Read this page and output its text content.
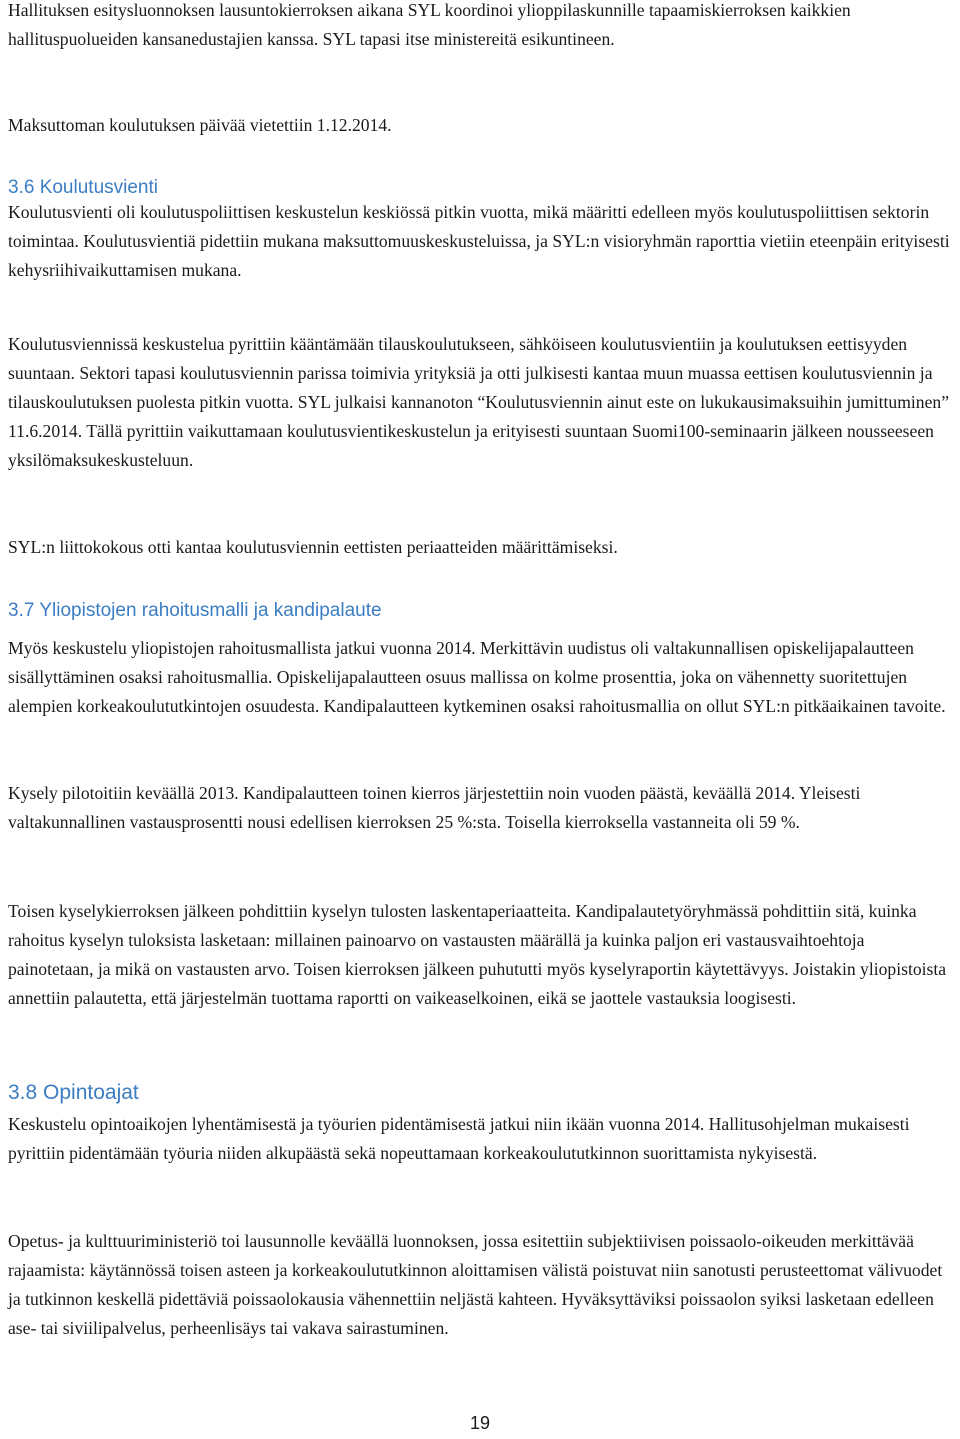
Hallituksen esitysluonnoksen lausuntokierroksen aikana SYL koordinoi ylioppilaskunnille tapaamiskierroksen kaikkien hallituspuolueiden kansanedustajien kanssa. SYL tapasi itse ministereitä esikuntineen.

Maksuttoman koulutuksen päivää vietettiin 1.12.2014.

3.6 Koulutusvienti

Koulutusvienti oli koulutuspoliittisen keskustelun keskiössä pitkin vuotta, mikä määritti edelleen myös koulutuspoliittisen sektorin toimintaa. Koulutusvientiä pidettiin mukana maksuttomuuskeskusteluissa, ja SYL:n visioryhmän raporttia vietiin eteenpäin erityisesti kehysriihivaikuttamisen mukana.

Koulutusviennissä keskustelua pyrittiin kääntämään tilauskoulutukseen, sähköiseen koulutusvientiin ja koulutuksen eettisyyden suuntaan. Sektori tapasi koulutusviennin parissa toimivia yrityksiä ja otti julkisesti kantaa muun muassa eettisen koulutusviennin ja tilauskoulutuksen puolesta pitkin vuotta. SYL julkaisi kannanoton “Koulutusviennin ainut este on lukukausimaksuihin jumittuminen” 11.6.2014. Tällä pyrittiin vaikuttamaan koulutusvientikeskustelun ja erityisesti suuntaan Suomi100-seminaarin jälkeen nousseeseen yksilömaksukeskusteluun.

SYL:n liittokokous otti kantaa koulutusviennin eettisten periaatteiden määrittämiseksi.

3.7 Yliopistojen rahoitusmalli ja kandipalaute

Myös keskustelu yliopistojen rahoitusmallista jatkui vuonna 2014. Merkittävin uudistus oli valtakunnallisen opiskelijapalautteen sisällyttäminen osaksi rahoitusmallia. Opiskelijapalautteen osuus mallissa on kolme prosenttia, joka on vähennetty suoritettujen alempien korkeakoulututkintojen osuudesta. Kandipalautteen kytkeminen osaksi rahoitusmallia on ollut SYL:n pitkäaikainen tavoite.

Kysely pilotoitiin keväällä 2013. Kandipalautteen toinen kierros järjestettiin noin vuoden päästä, keväällä 2014. Yleisesti valtakunnallinen vastausprosentti nousi edellisen kierroksen 25 %:sta. Toisella kierroksella vastanneita oli 59 %.

Toisen kyselykierroksen jälkeen pohdittiin kyselyn tulosten laskentaperiaatteita. Kandipalautetyöryhmässä pohdittiin sitä, kuinka rahoitus kyselyn tuloksista lasketaan: millainen painoarvo on vastausten määrällä ja kuinka paljon eri vastausvaihtoehtoja painotetaan, ja mikä on vastausten arvo. Toisen kierroksen jälkeen puhututti myös kyselyraportin käytettävyys. Joistakin yliopistoista annettiin palautetta, että järjestelmän tuottama raportti on vaikeaselkoinen, eikä se jaottele vastauksia loogisesti.

3.8 Opintoajat

Keskustelu opintoaikojen lyhentämisestä ja työurien pidentämisestä jatkui niin ikään vuonna 2014. Hallitusohjelman mukaisesti pyrittiin pidentämään työuria niiden alkupäästä sekä nopeuttamaan korkeakoulututkinnon suorittamista nykyisestä.

Opetus- ja kulttuuriministeriö toi lausunnolle keväällä luonnoksen, jossa esitettiin subjektiivisen poissaolo-oikeuden merkittävää rajaamista: käytännössä toisen asteen ja korkeakoulututkinnon aloittamisen välistä poistuvat niin sanotusti perusteettomat välivuodet ja tutkinnon keskellä pidettäviä poissaolokausia vähennettiin neljästä kahteen. Hyväksyttäviksi poissaolon syiksi lasketaan edelleen ase- tai siviilipalvelus, perheenlisäys tai vakava sairastuminen.

19
